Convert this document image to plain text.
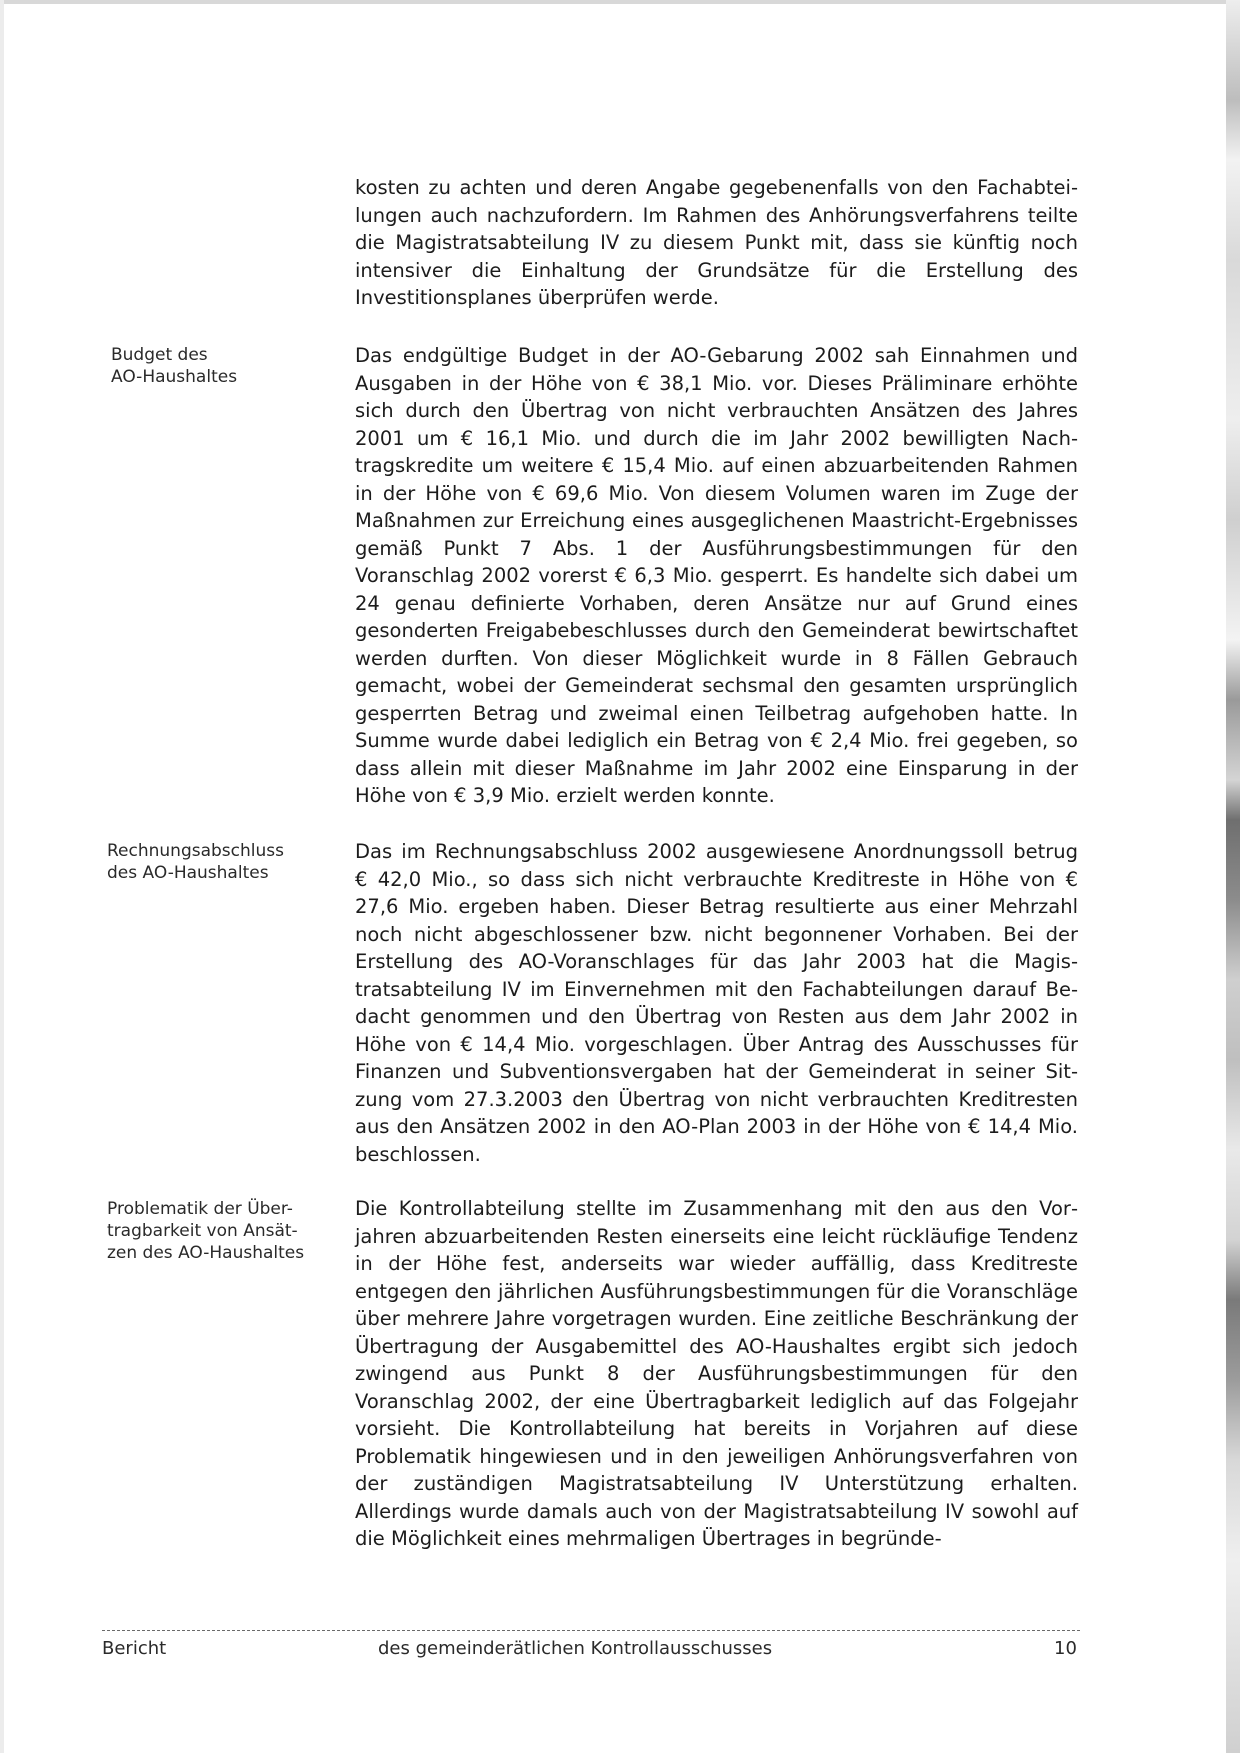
kosten zu achten und deren Angabe gegebenenfalls von den Fachabteilungen auch nachzufordern. Im Rahmen des Anhörungsverfahrens teilte die Magistratsabteilung IV zu diesem Punkt mit, dass sie künftig noch intensiver die Einhaltung der Grundsätze für die Erstellung des Investitionsplanes überprüfen werde.
Budget des
AO-Haushaltes
Das endgültige Budget in der AO-Gebarung 2002 sah Einnahmen und Ausgaben in der Höhe von € 38,1 Mio. vor. Dieses Präliminare erhöhte sich durch den Übertrag von nicht verbrauchten Ansätzen des Jahres 2001 um € 16,1 Mio. und durch die im Jahr 2002 bewilligten Nachtragskredite um weitere € 15,4 Mio. auf einen abzuarbeitenden Rahmen in der Höhe von € 69,6 Mio. Von diesem Volumen waren im Zuge der Maßnahmen zur Erreichung eines ausgeglichenen Maastricht-Ergebnisses gemäß Punkt 7 Abs. 1 der Ausführungsbestimmungen für den Voranschlag 2002 vorerst € 6,3 Mio. gesperrt. Es handelte sich dabei um 24 genau definierte Vorhaben, deren Ansätze nur auf Grund eines gesonderten Freigabebeschlusses durch den Gemeinderat bewirtschaftet werden durften. Von dieser Möglichkeit wurde in 8 Fällen Gebrauch gemacht, wobei der Gemeinderat sechsmal den gesamten ursprünglich gesperrten Betrag und zweimal einen Teilbetrag aufgehoben hatte. In Summe wurde dabei lediglich ein Betrag von € 2,4 Mio. frei gegeben, so dass allein mit dieser Maßnahme im Jahr 2002 eine Einsparung in der Höhe von € 3,9 Mio. erzielt werden konnte.
Rechnungsabschluss
des AO-Haushaltes
Das im Rechnungsabschluss 2002 ausgewiesene Anordnungssoll betrug € 42,0 Mio., so dass sich nicht verbrauchte Kreditreste in Höhe von € 27,6 Mio. ergeben haben. Dieser Betrag resultierte aus einer Mehrzahl noch nicht abgeschlossener bzw. nicht begonnener Vorhaben. Bei der Erstellung des AO-Voranschlages für das Jahr 2003 hat die Magistratsabteilung IV im Einvernehmen mit den Fachabteilungen darauf Bedacht genommen und den Übertrag von Resten aus dem Jahr 2002 in Höhe von € 14,4 Mio. vorgeschlagen. Über Antrag des Ausschusses für Finanzen und Subventionsvergaben hat der Gemeinderat in seiner Sitzung vom 27.3.2003 den Übertrag von nicht verbrauchten Kreditresten aus den Ansätzen 2002 in den AO-Plan 2003 in der Höhe von € 14,4 Mio. beschlossen.
Problematik der Über-
tragbarkeit von Ansät-
zen des AO-Haushaltes
Die Kontrollabteilung stellte im Zusammenhang mit den aus den Vorjahren abzuarbeitenden Resten einerseits eine leicht rückläufige Tendenz in der Höhe fest, anderseits war wieder auffällig, dass Kreditreste entgegen den jährlichen Ausführungsbestimmungen für die Voranschläge über mehrere Jahre vorgetragen wurden. Eine zeitliche Beschränkung der Übertragung der Ausgabemittel des AO-Haushaltes ergibt sich jedoch zwingend aus Punkt 8 der Ausführungsbestimmungen für den Voranschlag 2002, der eine Übertragbarkeit lediglich auf das Folgejahr vorsieht. Die Kontrollabteilung hat bereits in Vorjahren auf diese Problematik hingewiesen und in den jeweiligen Anhörungsverfahren von der zuständigen Magistratsabteilung IV Unterstützung erhalten. Allerdings wurde damals auch von der Magistratsabteilung IV sowohl auf die Möglichkeit eines mehrmaligen Übertrages in begründe-
Bericht	des gemeinderätlichen Kontrollausschusses	10
